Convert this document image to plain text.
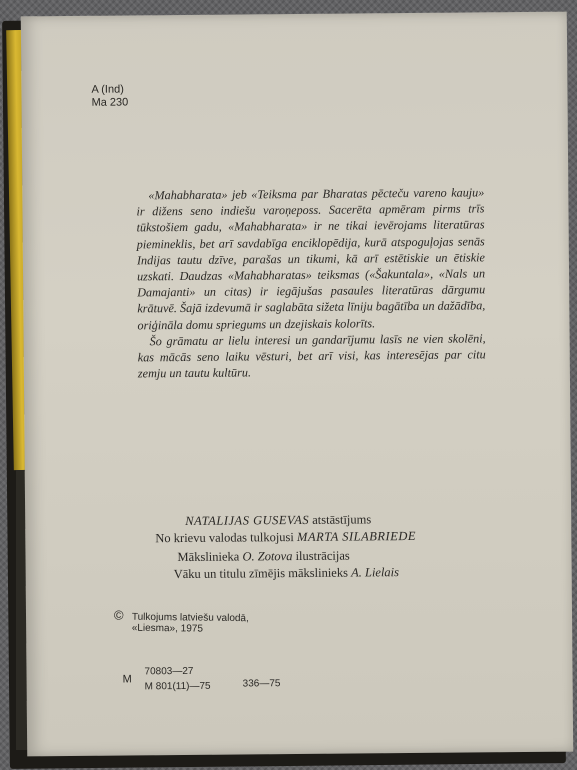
A (Ind)
Ma 230

«Mahabharata» jeb «Teiksma par Bharatas pēcteču vareno kauju» ir dižens seno indiešu varoņeposs. Sacerēta apmēram pirms trīs tūkstošiem gadu, «Mahabharata» ir ne tikai ievērojams literatūras piemineklis, bet arī savdabīga enciklopēdija, kurā atspoguļojas senās Indijas tautu dzīve, parašas un tikumi, kā arī estētiskie un ētiskie uzskati. Daudzas «Mahabharatas» teiksmas («Šakuntala», «Nals un Damajanti» un citas) ir iegājušas pasaules literatūras dārgumu krātuvē. Šajā izdevumā ir saglabāta sižeta līniju bagātība un dažādība, oriģināla domu spriegums un dzejiskais kolorīts.

Šo grāmatu ar lielu interesi un gandarījumu lasīs ne vien skolēni, kas mācās seno laiku vēsturi, bet arī visi, kas interesējas par citu zemju un tautu kultūru.

NATALIJAS GUSEVAS atstāstījums
No krievu valodas tulkojusi MARTA SILABRIEDE
Mākslinieka O. Zotova ilustrācijas
Vāku un titulu zīmējis mākslinieks A. Lielais
© Tulkojums latviešu valodā,
«Liesma», 1975
M
70803—27
M 801(11)—75	336—75
